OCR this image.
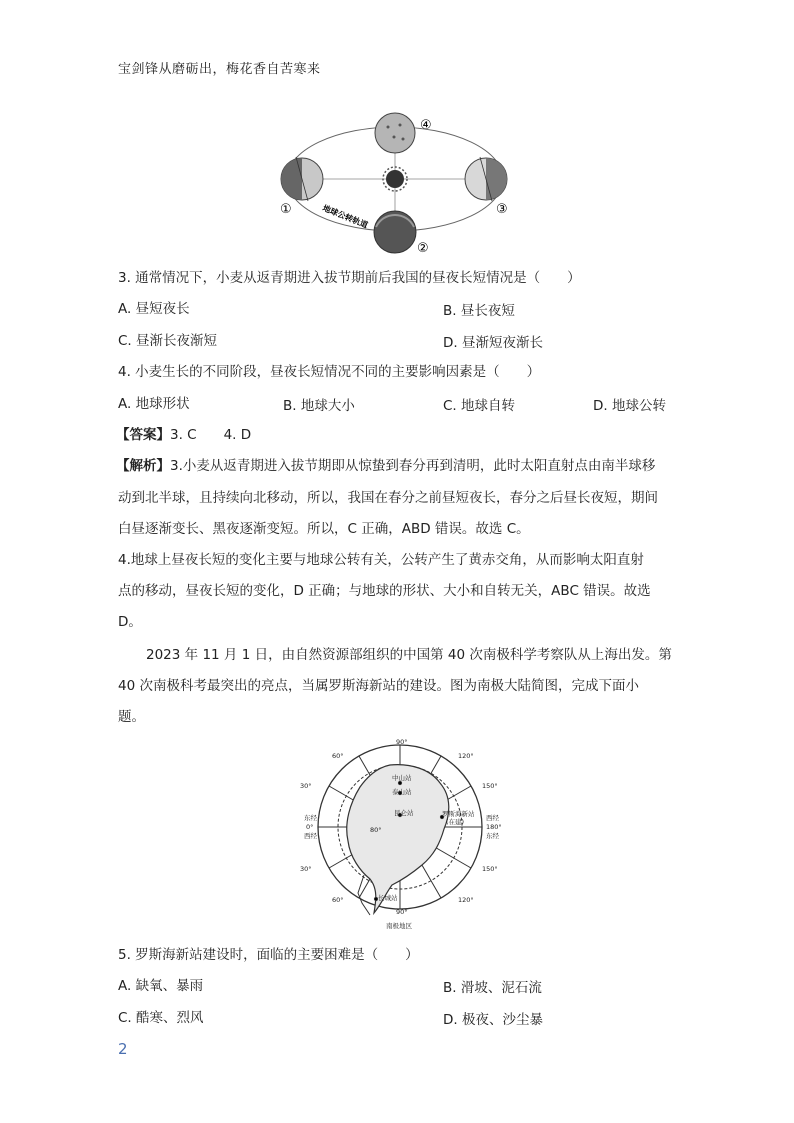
宝剑锋从磨砺出，梅花香自苦寒来
①
②
③
④
地球公转轨道
3. 通常情况下，小麦从返青期进入拔节期前后我国的昼夜长短情况是（　　）
A. 昼短夜长	B. 昼长夜短
C. 昼渐长夜渐短	D. 昼渐短夜渐长
4. 小麦生长的不同阶段，昼夜长短情况不同的主要影响因素是（　　）
A. 地球形状	B. 地球大小	C. 地球自转	D. 地球公转
【答案】3. C　　4. D
【解析】3.小麦从返青期进入拔节期即从惊蛰到春分再到清明，此时太阳直射点由南半球移
动到北半球，且持续向北移动，所以，我国在春分之前昼短夜长，春分之后昼长夜短，期间
白昼逐渐变长、黑夜逐渐变短。所以，C 正确，ABD 错误。故选 C。
4.地球上昼夜长短的变化主要与地球公转有关，公转产生了黄赤交角，从而影响太阳直射
点的移动，昼夜长短的变化，D 正确；与地球的形状、大小和自转无关，ABC 错误。故选
D。
2023 年 11 月 1 日，由自然资源部组织的中国第 40 次南极科学考察队从上海出发。第
40 次南极科考最突出的亮点，当属罗斯海新站的建设。图为南极大陆简图，完成下面小
题。
90°
60°	120°
30°	150°
东经
0°
西经
西经
180°
东经
30°	150°
60°
90°
120°
80°
中山站
泰山站
昆仑站	罗斯海新站
(在建)
长城站
南极地区
5. 罗斯海新站建设时，面临的主要困难是（　　）
A. 缺氧、暴雨	B. 滑坡、泥石流
C. 酷寒、烈风	D. 极夜、沙尘暴
2
